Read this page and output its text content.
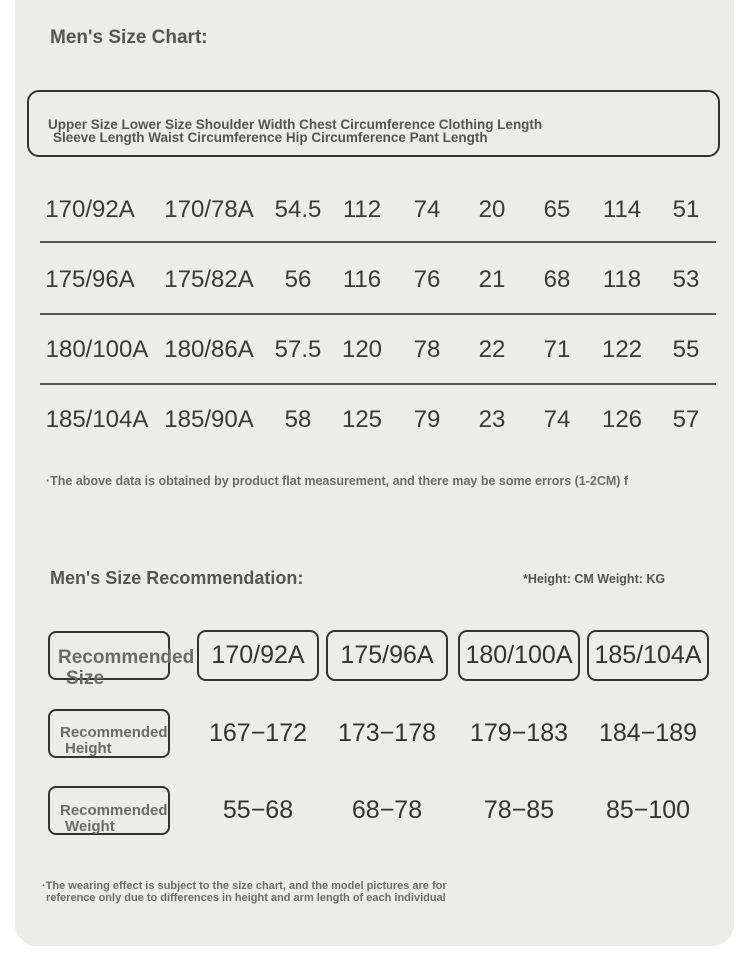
Men's Size Chart:
Upper Size Lower Size Shoulder Width Chest Circumference Clothing Length
Sleeve Length Waist Circumference Hip Circumference Pant Length
170/92A 170/78A 54.5 112 74 20 65 114 51
175/96A 175/82A 56 116 76 21 68 118 53
180/100A 180/86A 57.5 120 78 22 71 122 55
185/104A 185/90A 58 125 79 23 74 126 57
·The above data is obtained by product flat measurement, and there may be some errors (1-2CM) f
Men's Size Recommendation:	*Height: CM Weight: KG
Recommended
Size
170/92A	175/96A	180/100A 185/104A
Recommended
Height
167−172 173−178 179−183 184−189
Recommended
Weight
55−68 68−78 78−85 85−100
·The wearing effect is subject to the size chart, and the model pictures are for
reference only due to differences in height and arm length of each individual
